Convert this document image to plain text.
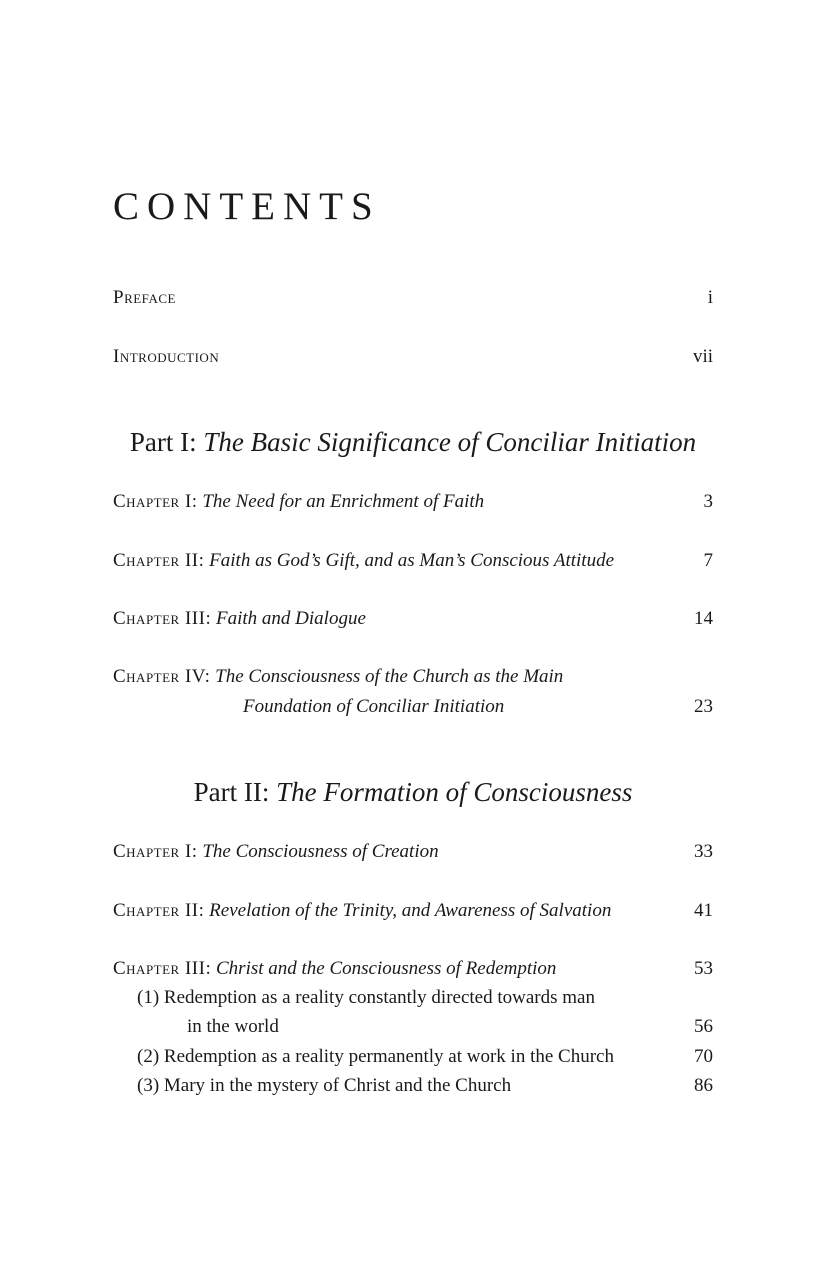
CONTENTS
Preface	i
Introduction	vii
Part I: The Basic Significance of Conciliar Initiation
Chapter I: The Need for an Enrichment of Faith	3
Chapter II: Faith as God’s Gift, and as Man’s Conscious Attitude	7
Chapter III: Faith and Dialogue	14
Chapter IV: The Consciousness of the Church as the Main
Foundation of Conciliar Initiation	23
Part II: The Formation of Consciousness
Chapter I: The Consciousness of Creation	33
Chapter II: Revelation of the Trinity, and Awareness of Salvation	41
Chapter III: Christ and the Consciousness of Redemption	53
(1) Redemption as a reality constantly directed towards man
in the world	56
(2) Redemption as a reality permanently at work in the Church	70
(3) Mary in the mystery of Christ and the Church	86
